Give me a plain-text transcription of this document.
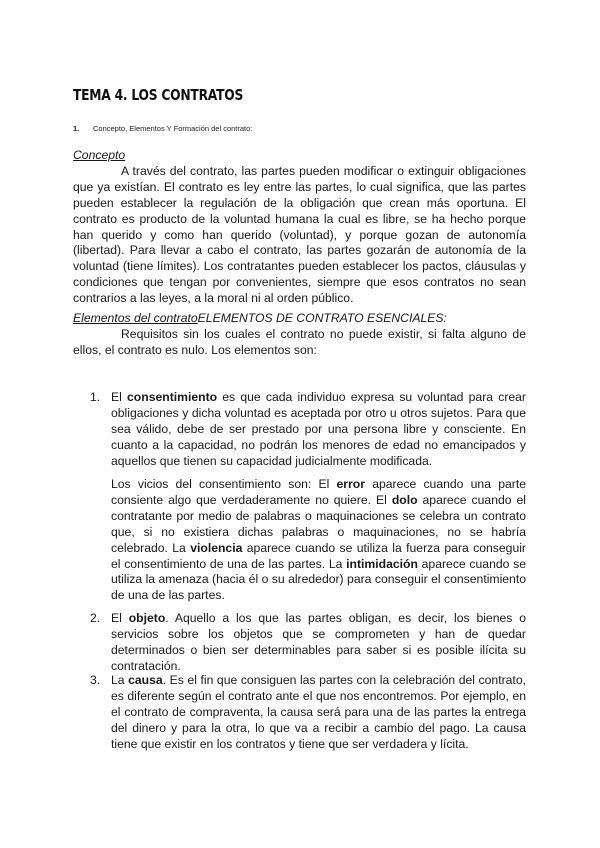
TEMA 4. LOS CONTRATOS
1. Concepto, Elementos Y Formación del contrato:
Concepto
A través del contrato, las partes pueden modificar o extinguir obligaciones que ya existían. El contrato es ley entre las partes, lo cual significa, que las partes pueden establecer la regulación de la obligación que crean más oportuna. El contrato es producto de la voluntad humana la cual es libre, se ha hecho porque han querido y como han querido (voluntad), y porque gozan de autonomía (libertad). Para llevar a cabo el contrato, las partes gozarán de autonomía de la voluntad (tiene límites). Los contratantes pueden establecer los pactos, cláusulas y condiciones que tengan por convenientes, siempre que esos contratos no sean contrarios a las leyes, a la moral ni al orden público.
Elementos del contratoELEMENTOS DE CONTRATO ESENCIALES:
Requisitos sin los cuales el contrato no puede existir, si falta alguno de ellos, el contrato es nulo. Los elementos son:
1. El consentimiento es que cada individuo expresa su voluntad para crear obligaciones y dicha voluntad es aceptada por otro u otros sujetos. Para que sea válido, debe de ser prestado por una persona libre y consciente. En cuanto a la capacidad, no podrán los menores de edad no emancipados y aquellos que tienen su capacidad judicialmente modificada.
Los vicios del consentimiento son: El error aparece cuando una parte consiente algo que verdaderamente no quiere. El dolo aparece cuando el contratante por medio de palabras o maquinaciones se celebra un contrato que, si no existiera dichas palabras o maquinaciones, no se habría celebrado. La violencia aparece cuando se utiliza la fuerza para conseguir el consentimiento de una de las partes. La intimidación aparece cuando se utiliza la amenaza (hacia él o su alrededor) para conseguir el consentimiento de una de las partes.
2. El objeto. Aquello a los que las partes obligan, es decir, los bienes o servicios sobre los objetos que se comprometen y han de quedar determinados o bien ser determinables para saber si es posible ilícita su contratación.
3. La causa. Es el fin que consiguen las partes con la celebración del contrato, es diferente según el contrato ante el que nos encontremos. Por ejemplo, en el contrato de compraventa, la causa será para una de las partes la entrega del dinero y para la otra, lo que va a recibir a cambio del pago. La causa tiene que existir en los contratos y tiene que ser verdadera y lícita.
